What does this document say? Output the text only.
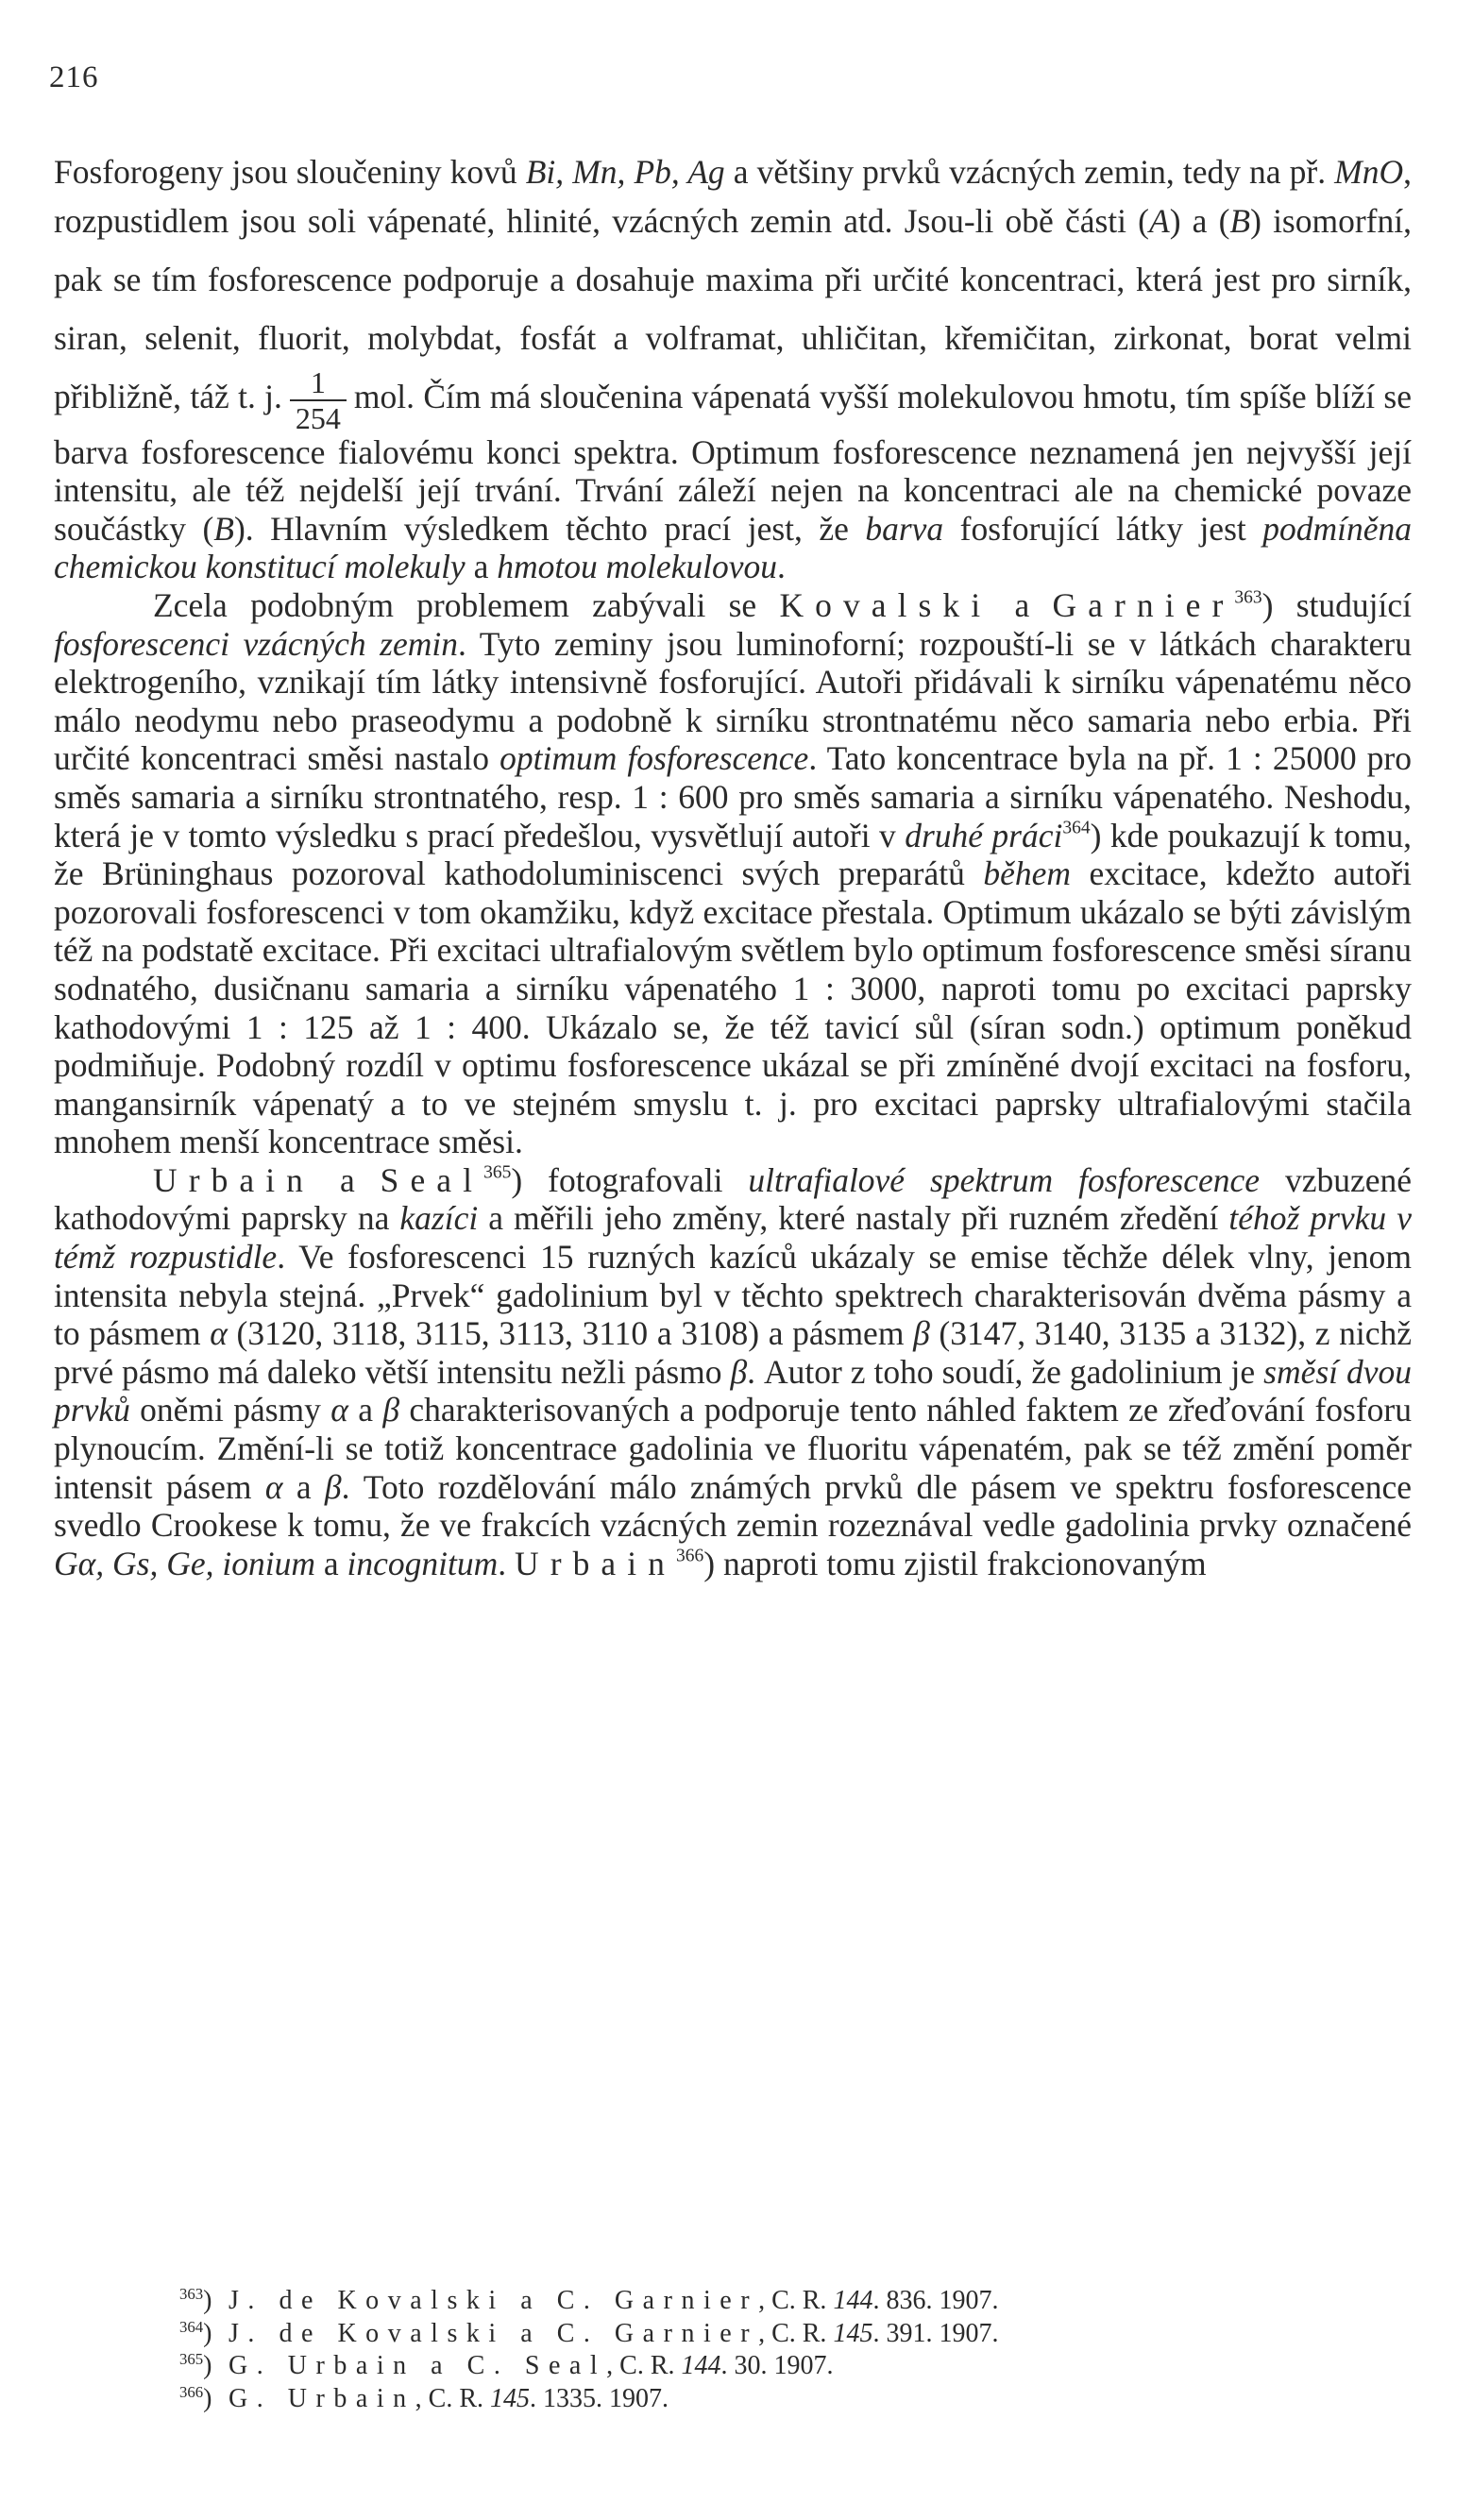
216

Fosforogeny jsou sloučeniny kovů Bi, Mn, Pb, Ag a většiny prvků vzácných zemin, tedy na př. MnO, rozpustidlem jsou soli vápenaté, hlinité, vzácných zemin atd. Jsou-li obě části (A) a (B) isomorfní, pak se tím fosforescence podporuje a dosahuje maxima při určité koncentraci, která jest pro sirník, siran, selenit, fluorit, molybdat, fosfát a volframat, uhličitan, křemičitan, zirkonat, borat velmi přibližně, táž t. j. $\frac{1}{254}$ mol. Čím má sloučenina vápenatá vyšší molekulovou hmotu, tím spíše blíží se barva fosforescence fialovému konci spektra. Optimum fosforescence neznamená jen nejvyšší její intensitu, ale též nejdelší její trvání. Trvání záleží nejen na koncentraci ale na chemické povaze součástky (B). Hlavním výsledkem těchto prací jest, že barva fosforující látky jest podmíněna chemickou konstitucí molekuly a hmotou molekulovou.

Zcela podobným problemem zabývali se Kovalski a Garnier$^{363}$) studující fosforescenci vzácných zemin. Tyto zeminy jsou luminoforní; rozpouští-li se v látkách charakteru elektrogeního, vznikají tím látky intensivně fosforující. Autoři přidávali k sirníku vápenatému něco málo neodymu nebo praseodymu a podobně k sirníku strontnatému něco samaria nebo erbia. Při určité koncentraci směsi nastalo optimum fosforescence. Tato koncentrace byla na př. 1 : 25000 pro směs samaria a sirníku strontnatého, resp. 1 : 600 pro směs samaria a sirníku vápenatého. Neshodu, která je v tomto výsledku s prací předešlou, vysvětlují autoři v druhé práci$^{364}$) kde poukazují k tomu, že Brüninghaus pozoroval kathodoluminiscenci svých preparátů během excitace, kdežto autoři pozorovali fosforescenci v tom okamžiku, když excitace přestala. Optimum ukázalo se býti závislým též na podstatě excitace. Při excitaci ultrafialovým světlem bylo optimum fosforescence směsi síranu sodnatého, dusičnanu samaria a sirníku vápenatého 1 : 3000, naproti tomu po excitaci paprsky kathodovými 1 : 125 až 1 : 400. Ukázalo se, že též tavicí sůl (síran sodn.) optimum poněkud podmiňuje. Podobný rozdíl v optimu fosforescence ukázal se při zmíněné dvojí excitaci na fosforu, mangansirník vápenatý a to ve stejném smyslu t. j. pro excitaci paprsky ultrafialovými stačila mnohem menší koncentrace směsi.

Urbain a Seal$^{365}$) fotografovali ultrafialové spektrum fosforescence vzbuzené kathodovými paprsky na kazíci a měřili jeho změny, které nastaly při ruzném zředění téhož prvku v témž rozpustidle. Ve fosforescenci 15 ruzných kazíců ukázaly se emise těchže délek vlny, jenom intensita nebyla stejná. „Prvek“ gadolinium byl v těchto spektrech charakterisován dvěma pásmy a to pásmem α (3120, 3118, 3115, 3113, 3110 a 3108) a pásmem β (3147, 3140, 3135 a 3132), z nichž prvé pásmo má daleko větší intensitu nežli pásmo β. Autor z toho soudí, že gadolinium je směsí dvou prvků oněmi pásmy α a β charakterisovaných a podporuje tento náhled faktem ze zřeďování fosforu plynoucím. Změní-li se totiž koncentrace gadolinia ve fluoritu vápenatém, pak se též změní poměr intensit pásem α a β. Toto rozdělování málo známých prvků dle pásem ve spektru fosforescence svedlo Crookese k tomu, že ve frakcích vzácných zemin rozeznával vedle gadolinia prvky označené Gα, Gs, Ge, ionium a incognitum. Urbain$^{366}$) naproti tomu zjistil frakcionovaným

$^{363}$) J. de Kovalski a C. Garnier, C. R. 144. 836. 1907.
$^{364}$) J. de Kovalski a C. Garnier, C. R. 145. 391. 1907.
$^{365}$) G. Urbain a C. Seal, C. R. 144. 30. 1907.
$^{366}$) G. Urbain, C. R. 145. 1335. 1907.
